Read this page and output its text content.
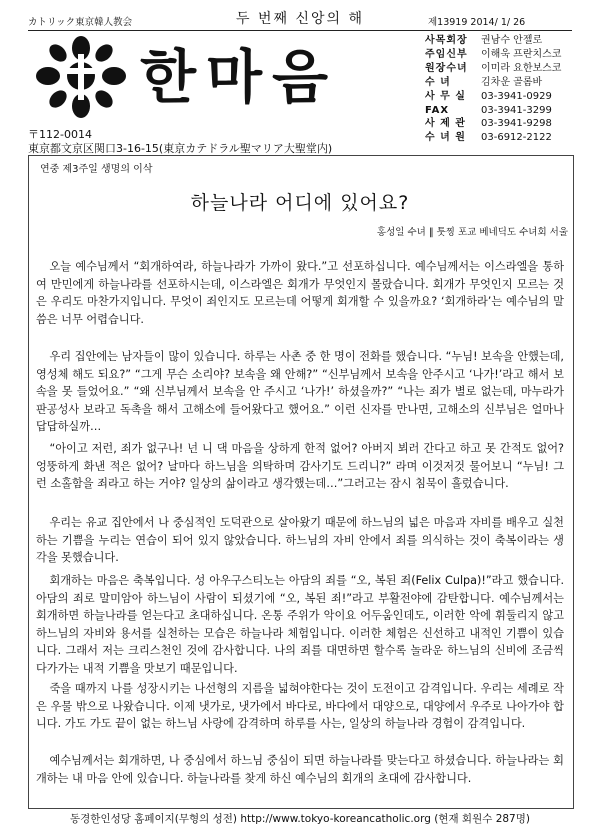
カトリック東京韓人教会	두 번째 신앙의 해	제13919 2014/ 1/ 26
한마음
사목회장	권남수 안젤로
주임신부	이해욱 프란치스코
원장수녀	이미라 요한보스코
수 녀	김차운 골롬바
사 무 실	03-3941-0929
FAX	03-3941-3299
사 제 관	03-3941-9298
수 녀 원	03-6912-2122
〒112-0014
東京都文京区関口3-16-15(東京カテドラル聖マリア大聖堂内)
연중 제3주일 생명의 이삭
하늘나라 어디에 있어요?
홍성일 수녀 ‖ 툿찡 포교 베네딕도 수녀회 서울

오늘 예수님께서 “회개하여라, 하늘나라가 가까이 왔다.”고 선포하십니다. 예수님께서는 이스라엘을 통하여 만민에게 하늘나라를 선포하시는데, 이스라엘은 회개가 무엇인지 몰랐습니다. 회개가 무엇인지 모르는 것은 우리도 마찬가지입니다. 무엇이 죄인지도 모르는데 어떻게 회개할 수 있을까요? ‘회개하라’는 예수님의 말씀은 너무 어렵습니다.

우리 집안에는 남자들이 많이 있습니다. 하루는 사촌 중 한 명이 전화를 했습니다. “누님! 보속을 안했는데, 영성체 해도 되요?” “그게 무슨 소리야? 보속을 왜 안해?” “신부님께서 보속을 안주시고 ‘나가!’라고 해서 보속을 못 들었어요.” “왜 신부님께서 보속을 안 주시고 ‘나가!’ 하셨을까?” “나는 죄가 별로 없는데, 마누라가 판공성사 보라고 독촉을 해서 고해소에 들어왔다고 했어요.” 이런 신자를 만나면, 고해소의 신부님은 얼마나 답답하실까…

“아이고 저런, 죄가 없구나! 넌 니 댁 마음을 상하게 한적 없어? 아버지 뵈러 간다고 하고 못 간적도 없어? 엉뚱하게 화낸 적은 없어? 날마다 하느님을 의탁하며 감사기도 드리니?” 라며 이것저것 물어보니 “누님! 그런 소홀함을 죄라고 하는 거야? 일상의 삶이라고 생각했는데…”그러고는 잠시 침묵이 흘렀습니다.

우리는 유교 집안에서 나 중심적인 도덕관으로 살아왔기 때문에 하느님의 넓은 마음과 자비를 배우고 실천하는 기쁨을 누리는 연습이 되어 있지 않았습니다. 하느님의 자비 안에서 죄를 의식하는 것이 축복이라는 생각을 못했습니다.

회개하는 마음은 축복입니다. 성 아우구스티노는 아담의 죄를 “오, 복된 죄(Felix Culpa)!”라고 했습니다. 아담의 죄로 말미암아 하느님이 사람이 되셨기에 “오, 복된 죄!”라고 부활전야에 감탄합니다. 예수님께서는 회개하면 하늘나라를 얻는다고 초대하십니다. 온통 주위가 악이요 어두움인데도, 이러한 악에 휘둘리지 않고 하느님의 자비와 용서를 실천하는 모습은 하늘나라 체험입니다. 이러한 체험은 신선하고 내적인 기쁨이 있습니다. 그래서 저는 크리스천인 것에 감사합니다. 나의 죄를 대면하면 할수록 놀라운 하느님의 신비에 조금씩 다가가는 내적 기쁨을 맛보기 때문입니다.

죽을 때까지 나를 성장시키는 나선형의 지름을 넓혀야한다는 것이 도전이고 감격입니다. 우리는 세례로 작은 우물 밖으로 나왔습니다. 이제 냇가로, 냇가에서 바다로, 바다에서 대양으로, 대양에서 우주로 나아가야 합니다. 가도 가도 끝이 없는 하느님 사랑에 감격하며 하루를 사는, 일상의 하늘나라 경험이 감격입니다.

예수님께서는 회개하면, 나 중심에서 하느님 중심이 되면 하늘나라를 맞는다고 하셨습니다. 하늘나라는 회개하는 내 마음 안에 있습니다. 하늘나라를 찾게 하신 예수님의 회개의 초대에 감사합니다.

동경한인성당 홈페이지(무형의 성전) http://www.tokyo-koreancatholic.org (현재 회원수 287명)
